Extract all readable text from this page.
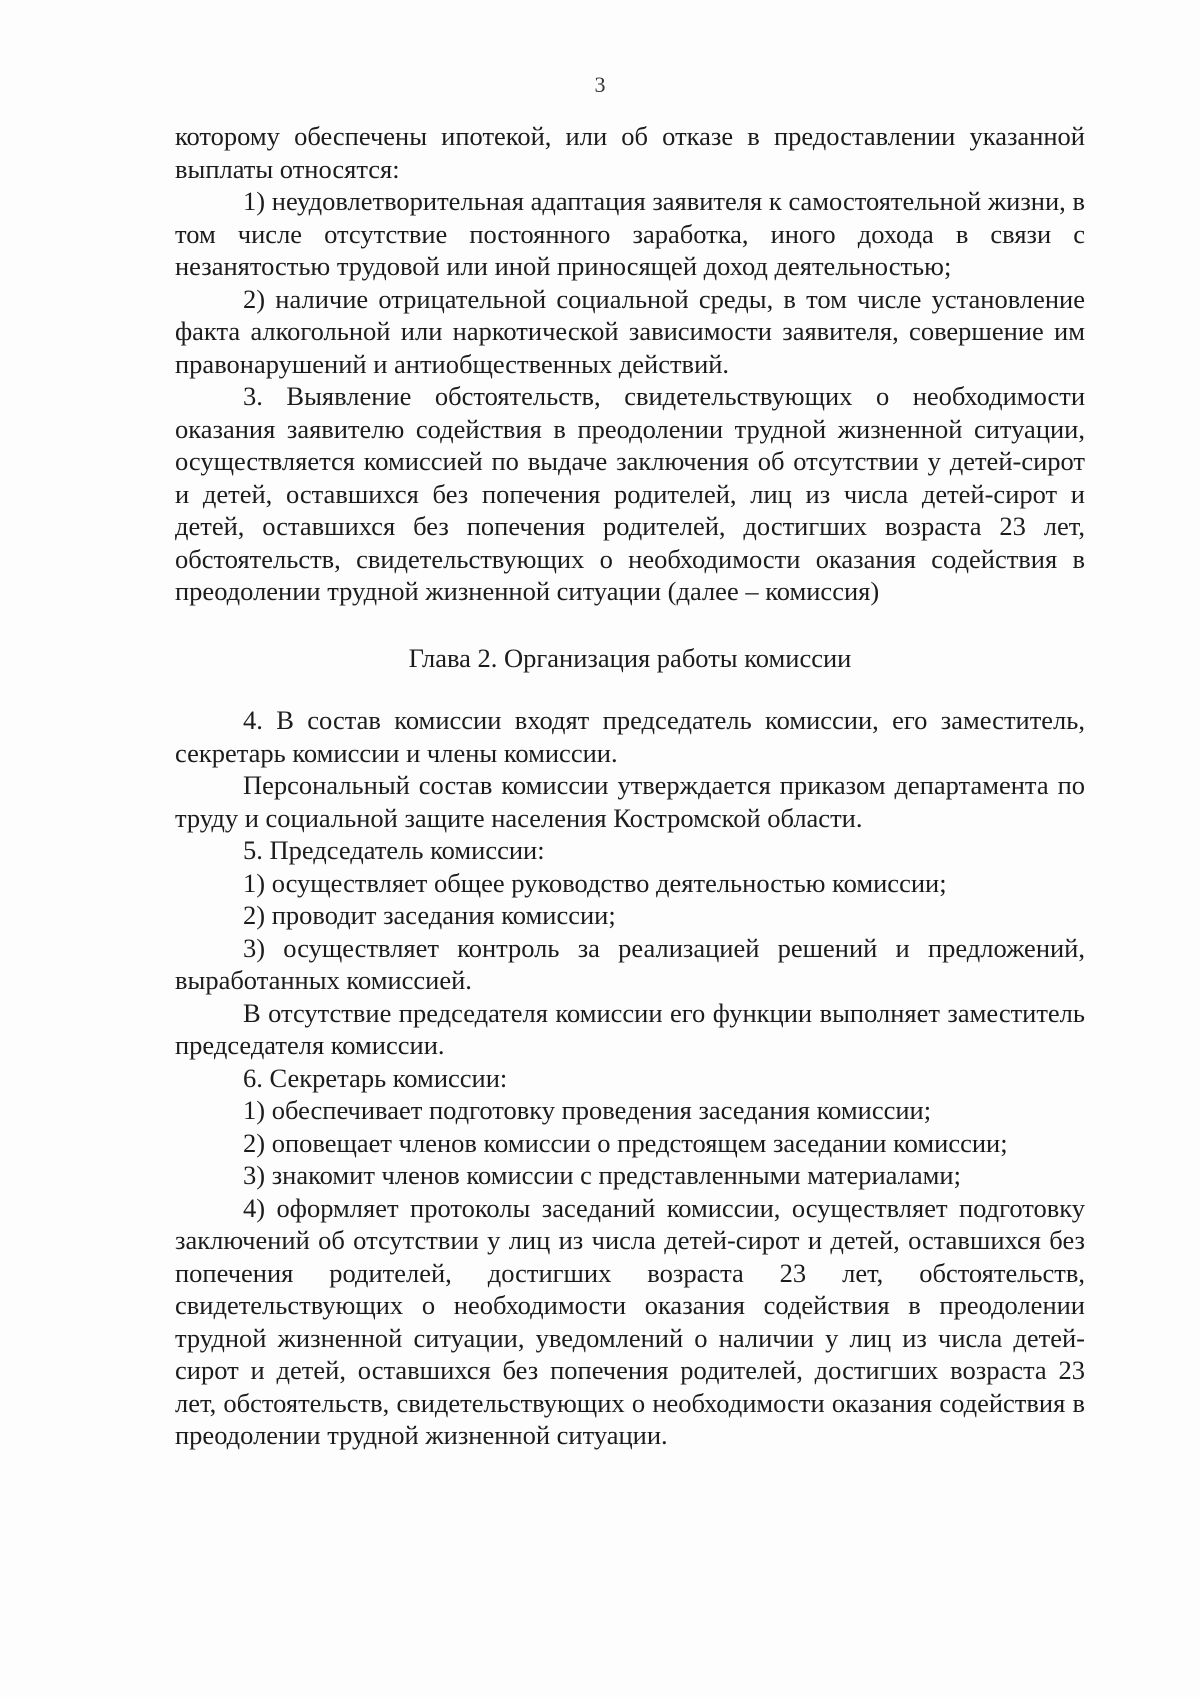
3

которому обеспечены ипотекой, или об отказе в предоставлении указанной выплаты относятся:

1) неудовлетворительная адаптация заявителя к самостоятельной жизни, в том числе отсутствие постоянного заработка, иного дохода в связи с незанятостью трудовой или иной приносящей доход деятельностью;

2) наличие отрицательной социальной среды, в том числе установление факта алкогольной или наркотической зависимости заявителя, совершение им правонарушений и антиобщественных действий.

3. Выявление обстоятельств, свидетельствующих о необходимости оказания заявителю содействия в преодолении трудной жизненной ситуации, осуществляется комиссией по выдаче заключения об отсутствии у детей-сирот и детей, оставшихся без попечения родителей, лиц из числа детей-сирот и детей, оставшихся без попечения родителей, достигших возраста 23 лет, обстоятельств, свидетельствующих о необходимости оказания содействия в преодолении трудной жизненной ситуации (далее – комиссия)

Глава 2. Организация работы комиссии

4. В состав комиссии входят председатель комиссии, его заместитель, секретарь комиссии и члены комиссии.

Персональный состав комиссии утверждается приказом департамента по труду и социальной защите населения Костромской области.

5. Председатель комиссии:

1) осуществляет общее руководство деятельностью комиссии;

2) проводит заседания комиссии;

3) осуществляет контроль за реализацией решений и предложений, выработанных комиссией.

В отсутствие председателя комиссии его функции выполняет заместитель председателя комиссии.

6. Секретарь комиссии:

1) обеспечивает подготовку проведения заседания комиссии;

2) оповещает членов комиссии о предстоящем заседании комиссии;

3) знакомит членов комиссии с представленными материалами;

4) оформляет протоколы заседаний комиссии, осуществляет подготовку заключений об отсутствии у лиц из числа детей-сирот и детей, оставшихся без попечения родителей, достигших возраста 23 лет, обстоятельств, свидетельствующих о необходимости оказания содействия в преодолении трудной жизненной ситуации, уведомлений о наличии у лиц из числа детей-сирот и детей, оставшихся без попечения родителей, достигших возраста 23 лет, обстоятельств, свидетельствующих о необходимости оказания содействия в преодолении трудной жизненной ситуации.
